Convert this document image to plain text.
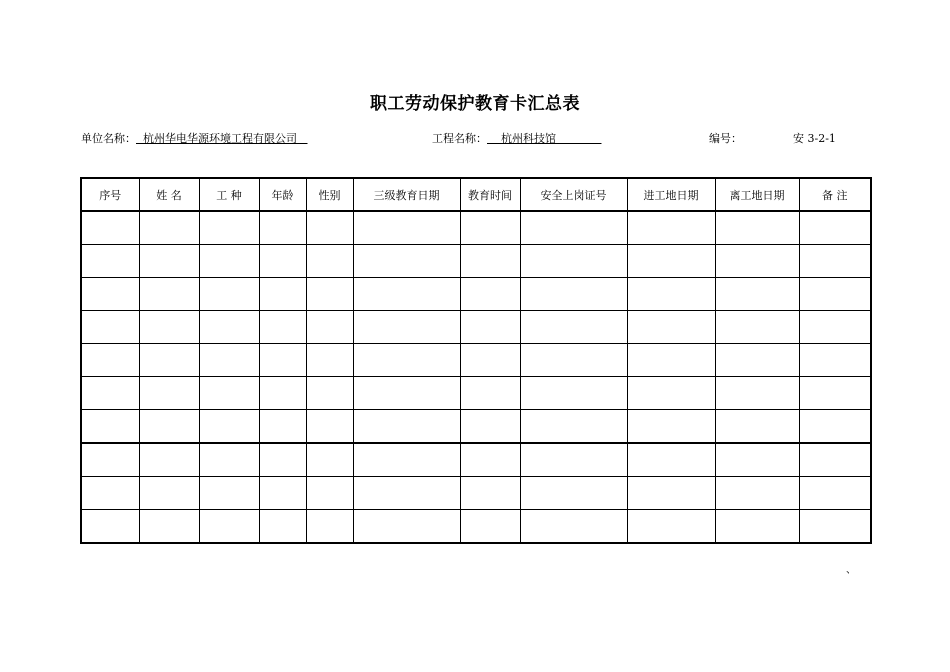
职工劳动保护教育卡汇总表
单位名称： 杭州华电华源环境工程有限公司	工程名称： 杭州科技馆	编号：	安 3-2-1
序号	姓 名	工 种	年龄	性别	三级教育日期	教育时间	安全上岗证号	进工地日期	离工地日期	备 注

、
